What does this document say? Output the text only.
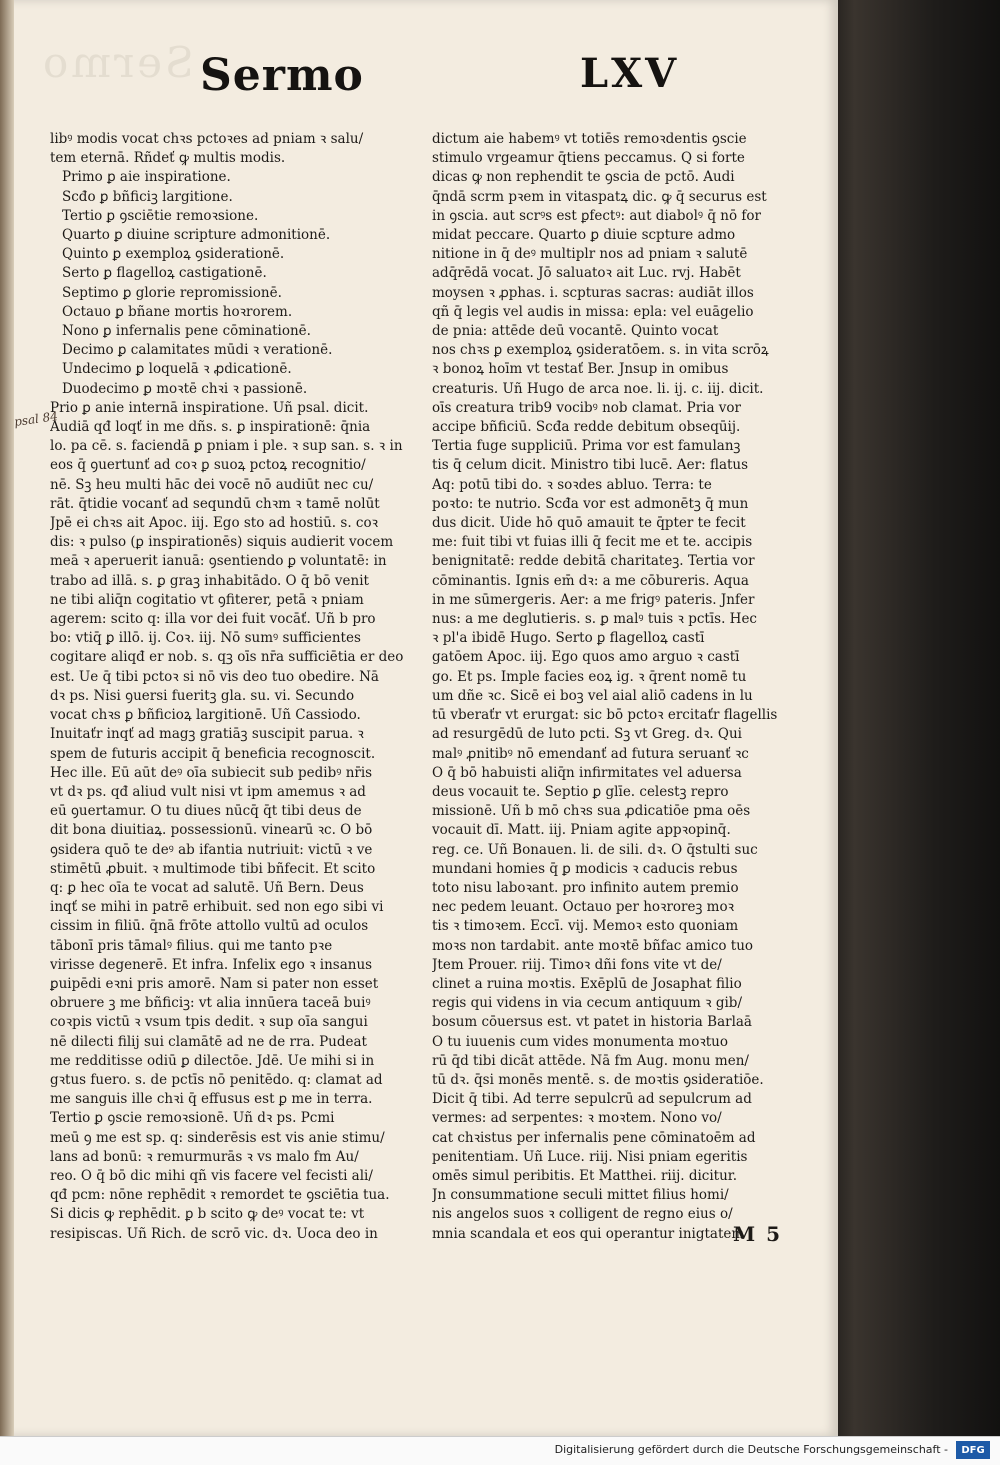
Sermo Sermo	LXV
psal 84
libꝰ modis vocat chꝛs pctoꝛes ad pniam ꝛ salu/
tem eternā. Rñdeť ꝙ multis modis.
Primo ꝑ aie inspiratione.
Scđo ꝑ bñficiꝫ largitione.
Tertio ꝑ ꝯsciētie remoꝛsione.
Quarto ꝑ diuine scripture admonitionē.
Quinto ꝑ exemploꝝ ꝯsiderationē.
Serto ꝑ flagelloꝝ castigationē.
Septimo ꝑ glorie repromissionē.
Octauo ꝑ bñane mortis hoꝛrorem.
Nono ꝑ infernalis pene cōminationē.
Decimo ꝑ calamitates mūdi ꝛ verationē.
Undecimo ꝑ loquelā ꝛ ꝓdicationē.
Duodecimo ꝑ moꝛtē chꝛi ꝛ passionē.
Prio ꝑ anie internā inspiratione. Uñ psal. dicit.
Audiā qđ loqť in me dñs. s. ꝑ inspirationē: q̄nia
lo. pa cē. s. faciendā ꝑ pniam i ple. ꝛ sup san. s. ꝛ in
eos q̄ ꝯuertunť ad coꝛ ꝑ suoꝝ pctoꝝ recognitio/
nē. Sꝫ heu multi hāc dei vocē nō audiūt nec cu/
rāt. q̄tidie vocanť ad sequndū chꝛm ꝛ tamē nolūt
Jpē ei chꝛs ait Apoc. iij. Ego sto ad hostiū. s. coꝛ
dis: ꝛ pulso (ꝑ inspirationēs) siquis audierit vocem
meā ꝛ aperuerit ianuā: ꝯsentiendo ꝑ voluntatē: in
trabo ad illā. s. ꝑ graꝫ inhabitādo. O q̄ bō venit
ne tibi aliq̄n cogitatio vt ꝯfiterer, petā ꝛ pniam
agerem: scito q: illa vor dei fuit vocāť. Uñ b pro
bo: vtiq̄ ꝑ illō. ij. Coꝛ. iij. Nō sumꝰ sufficientes
cogitare aliqđ er nob. s. qꝫ oīs nr̄a sufficiētia er deo
est. Ue q̄ tibi pctoꝛ si nō vis deo tuo obedire. Nā
dꝛ ps. Nisi ꝯuersi fueritꝫ gla. su. vi. Secundo
vocat chꝛs ꝑ bñficioꝝ largitionē. Uñ Cassiodo.
Inuitaťr inqť ad magꝫ gratiāꝫ suscipit parua. ꝛ
spem de futuris accipit q̄ beneficia recognoscit.
Hec ille. Eū aūt deꝰ oīa subiecit sub pedibꝰ nr̄is
vt dꝛ ps. qđ aliud vult nisi vt ipm amemus ꝛ ad
eū ꝯuertamur. O tu diues nūcq̄ q̄t tibi deus de
dit bona diuitiaꝝ. possessionū. vinearū ꝛc. O bō
ꝯsidera quō te deꝰ ab ifantia nutriuit: victū ꝛ ve
stimētū ꝓbuit. ꝛ multimode tibi bñfecit. Et scito
q: ꝑ hec oīa te vocat ad salutē. Uñ Bern. Deus
inqť se mihi in patrē erhibuit. sed non ego sibi vi
cissim in filiū. q̄nā frōte attollo vultū ad oculos
tābonī pris tāmalꝰ filius. qui me tanto pꝛe
virisse degenerē. Et infra. Infelix ego ꝛ insanus
ꝑuipēdi eꝛni pris amorē. Nam si pater non esset
obruere ꝫ me bñficiꝫ: vt alia innūera taceā buiꝰ
coꝛpis victū ꝛ vsum tpis dedit. ꝛ sup oīa sangui
nē dilecti filij sui clamātē ad ne de rra. Pudeat
me redditisse odiū ꝑ dilectōe. Jdē. Ue mihi si in
gꝛtus fuero. s. de pctīs nō penitēdo. q: clamat ad
me sanguis ille chꝛi q̄ effusus est ꝑ me in terra.
Tertio ꝑ ꝯscie remoꝛsionē. Uñ dꝛ ps. Pcmi
meū ꝯ me est sp. q: sinderēsis est vis anie stimu/
lans ad bonū: ꝛ remurmurās ꝛ vs malo fm Au/
reo. O q̄ bō dic mihi qñ vis facere vel fecisti ali/
qđ pcm: nōne rephēdit ꝛ remordet te ꝯsciētia tua.
Si dicis ꝙ rephēdit. ꝑ b scito ꝙ deꝰ vocat te: vt
resipiscas. Uñ Rich. de scrō vic. dꝛ. Uoca deo in
dictum aie habemꝰ vt totiēs remoꝛdentis ꝯscie
stimulo vrgeamur q̄tiens peccamus. Q si forte
dicas ꝙ non rephendit te ꝯscia de pctō. Audi
q̄ndā scrm pꝛem in vitaspatꝝ dic. ꝙ q̄ securus est
in ꝯscia. aut scrꝰs est ꝑfectꝰ: aut diabolꝰ q̄ nō for
midat peccare. Quarto ꝑ diuie scpture admo
nitione in q̄ deꝰ multiplr nos ad pniam ꝛ salutē
adq̄rēdā vocat. Jō saluatoꝛ ait Luc. rvj. Habēt
moysen ꝛ ꝓphas. i. scpturas sacras: audiāt illos
qñ q̄ legis vel audis in missa: epla: vel euāgelio
de pnia: attēde deū vocantē. Quinto vocat
nos chꝛs ꝑ exemploꝝ ꝯsideratōem. s. in vita scrōꝝ
ꝛ bonoꝝ hoīm vt testať Ber. Jnsup in omibus
creaturis. Uñ Hugo de arca noe. li. ij. c. iij. dicit.
oīs creatura trib9 vocibꝰ nob clamat. Pria vor
accipe bñficiū. Scđa redde debitum obseqūij.
Tertia fuge suppliciū. Prima vor est famulanꝫ
tis q̄ celum dicit. Ministro tibi lucē. Aer: flatus
Aq: potū tibi do. ꝛ soꝛdes abluo. Terra: te
poꝛto: te nutrio. Scđa vor est admonētꝫ q̄ mun
dus dicit. Uide hō quō amauit te q̄pter te fecit
me: fuit tibi vt fuias illi q̄ fecit me et te. accipis
benignitatē: redde debitā charitateꝫ. Tertia vor
cōminantis. Ignis em̄ dꝛ: a me cōbureris. Aqua
in me sūmergeris. Aer: a me frigꝰ pateris. Jnfer
nus: a me deglutieris. s. ꝑ malꝰ tuis ꝛ pctīs. Hec
ꝛ pl'a ibidē Hugo. Serto ꝑ flagelloꝝ castī
gatōem Apoc. iij. Ego quos amo arguo ꝛ castī
go. Et ps. Imple facies eoꝝ ig. ꝛ q̄rent nomē tu
um dñe ꝛc. Sicē ei boꝫ vel aial aliō cadens in lu
tū vberaťr vt erurgat: sic bō pctoꝛ ercitaťr flagellis
ad resurgēdū de luto pcti. Sꝫ vt Greg. dꝛ. Qui
malꝰ ꝓnitibꝰ nō emendanť ad futura seruanť ꝛc
O q̄ bō habuisti aliq̄n infirmitates vel aduersa
deus vocauit te. Septio ꝑ glīe. celestꝫ repro
missionē. Uñ b mō chꝛs sua ꝓdicatiōe pma oēs
vocauit dī. Matt. iij. Pniam agite appꝛopinq̄.
reg. ce. Uñ Bonauen. li. de sili. dꝛ. O q̄stulti suc
mundani homies q̄ ꝑ modicis ꝛ caducis rebus
toto nisu laboꝛant. pro infinito autem premio
nec pedem leuant. Octauo per hoꝛroreꝫ moꝛ
tis ꝛ timoꝛem. Eccī. vij. Memoꝛ esto quoniam
moꝛs non tardabit. ante moꝛtē bñfac amico tuo
Jtem Prouer. riij. Timoꝛ dñi fons vite vt de/
clinet a ruina moꝛtis. Exēplū de Josaphat filio
regis qui videns in via cecum antiquum ꝛ gib/
bosum cōuersus est. vt patet in historia Barlaā
O tu iuuenis cum vides monumenta moꝛtuo
rū q̄d tibi dicāt attēde. Nā fm Aug. monu men/
tū dꝛ. q̄si monēs mentē. s. de moꝛtis ꝯsideratiōe.
Dicit q̄ tibi. Ad terre sepulcrū ad sepulcrum ad
vermes: ad serpentes: ꝛ moꝛtem. Nono vo/
cat chꝛistus per infernalis pene cōminatoēm ad
penitentiam. Uñ Luce. riij. Nisi pniam egeritis
omēs simul peribitis. Et Matthei. riij. dicitur.
Jn consummatione seculi mittet filius homi/
nis angelos suos ꝛ colligent de regno eius o/
mnia scandala et eos qui operantur inigtatem
M 5
Digitalisierung gefördert durch die Deutsche Forschungsgemeinschaft -	DFG
